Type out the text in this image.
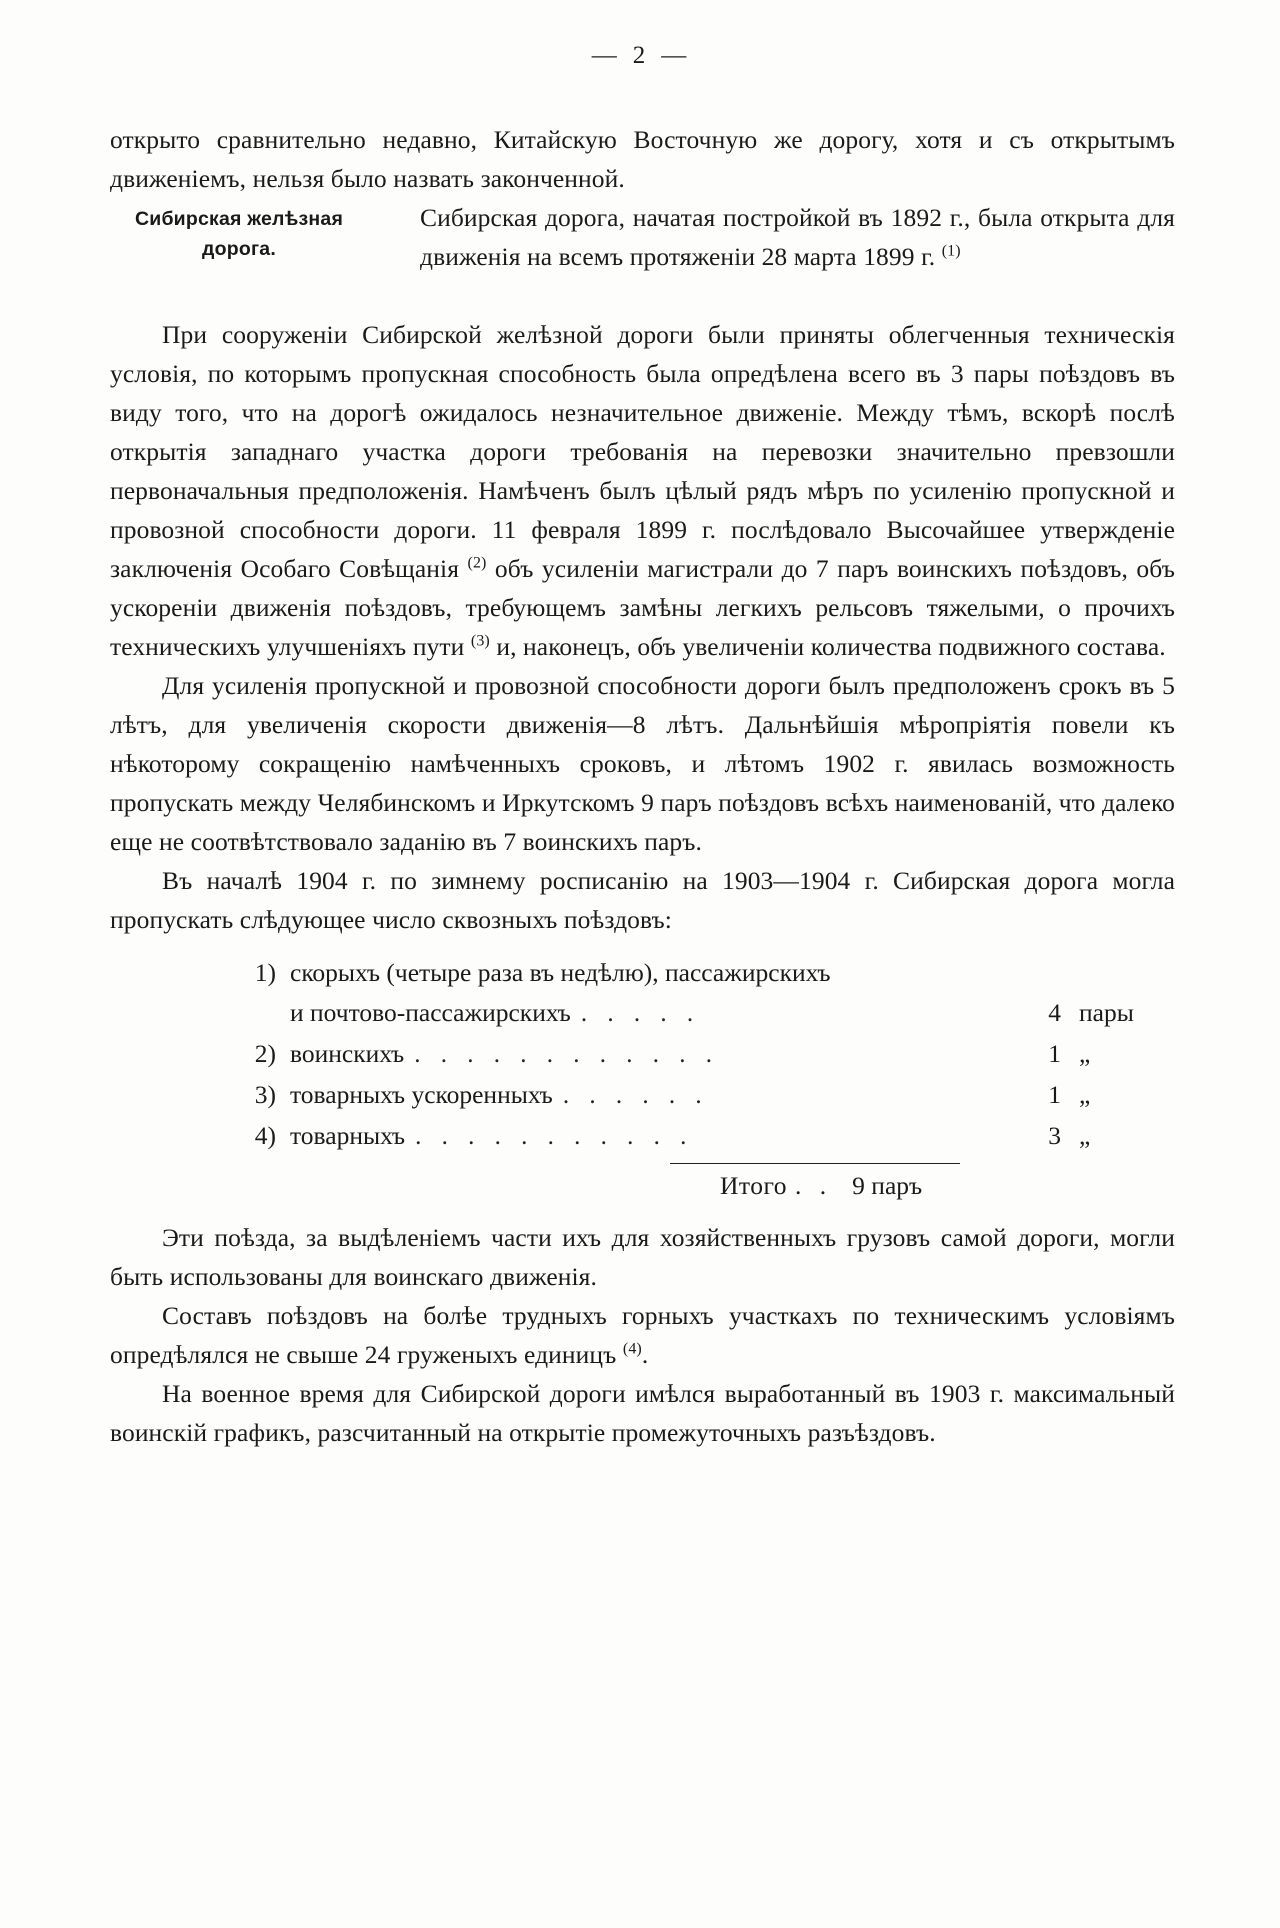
— 2 —

открыто сравнительно недавно, Китайскую Восточную же дорогу, хотя и съ открытымъ движеніемъ, нельзя было назвать законченной.

Сибирская желѣзная дорога.

Сибирская дорога, начатая постройкой въ 1892 г., была открыта для движенія на всемъ протяженіи 28 марта 1899 г. $^{(1)}$

При сооруженіи Сибирской желѣзной дороги были приняты облегченныя техническія условія, по которымъ пропускная способность была опредѣлена всего въ 3 пары поѣздовъ въ виду того, что на дорогѣ ожидалось незначительное движеніе. Между тѣмъ, вскорѣ послѣ открытія западнаго участка дороги требованія на перевозки значительно превзошли первоначальныя предположенія. Намѣченъ былъ цѣлый рядъ мѣръ по усиленію пропускной и провозной способности дороги. 11 февраля 1899 г. послѣдовало Высочайшее утвержденіе заключенія Особаго Совѣщанія $^{(2)}$ объ усиленіи магистрали до 7 паръ воинскихъ поѣздовъ, объ ускореніи движенія поѣздовъ, требующемъ замѣны легкихъ рельсовъ тяжелыми, о прочихъ техническихъ улучшеніяхъ пути $^{(3)}$ и, наконецъ, объ увеличеніи количества подвижного состава.

Для усиленія пропускной и провозной способности дороги былъ предположенъ срокъ въ 5 лѣтъ, для увеличенія скорости движенія—8 лѣтъ. Дальнѣйшія мѣропріятія повели къ нѣкоторому сокращенію намѣченныхъ сроковъ, и лѣтомъ 1902 г. явилась возможность пропускать между Челябинскомъ и Иркутскомъ 9 паръ поѣздовъ всѣхъ наименованій, что далеко еще не соотвѣтствовало заданію въ 7 воинскихъ паръ.

Въ началѣ 1904 г. по зимнему росписанію на 1903—1904 г. Сибирская дорога могла пропускать слѣдующее число сквозныхъ поѣздовъ:

1) скорыхъ (четыре раза въ недѣлю), пассажирскихъ
и почтово-пассажирскихъ . . . . .	4 пары
2) воинскихъ . . . . . . . . . . . .	1 „
3) товарныхъ ускоренныхъ . . . . . .	1 „
4) товарныхъ . . . . . . . . . . .	3 „
Итого . . 9 паръ

Эти поѣзда, за выдѣленіемъ части ихъ для хозяйственныхъ грузовъ самой дороги, могли быть использованы для воинскаго движенія.

Составъ поѣздовъ на болѣе трудныхъ горныхъ участкахъ по техническимъ условіямъ опредѣлялся не свыше 24 груженыхъ единицъ $^{(4)}$.

На военное время для Сибирской дороги имѣлся выработанный въ 1903 г. максимальный воинскій графикъ, разсчитанный на открытіе промежуточныхъ разъѣздовъ.
